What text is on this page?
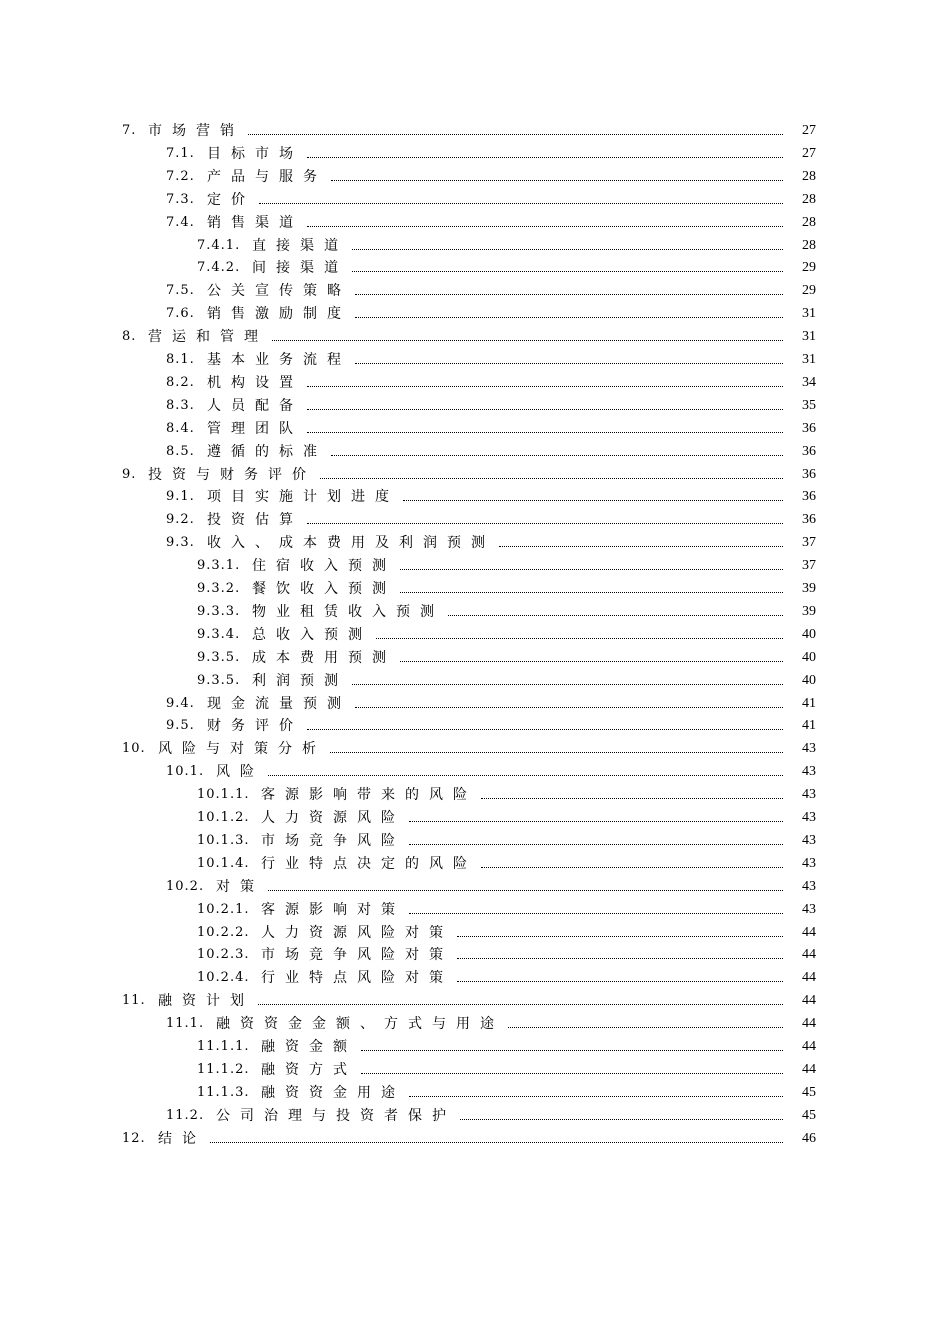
7. 市场营销	27
7.1. 目标市场	27
7.2. 产品与服务	28
7.3. 定价	28
7.4. 销售渠道	28
7.4.1. 直接渠道	28
7.4.2. 间接渠道	29
7.5. 公关宣传策略	29
7.6. 销售激励制度	31
8. 营运和管理	31
8.1. 基本业务流程	31
8.2. 机构设置	34
8.3. 人员配备	35
8.4. 管理团队	36
8.5. 遵循的标准	36
9. 投资与财务评价	36
9.1. 项目实施计划进度	36
9.2. 投资估算	36
9.3. 收入、成本费用及利润预测	37
9.3.1. 住宿收入预测	37
9.3.2. 餐饮收入预测	39
9.3.3. 物业租赁收入预测	39
9.3.4. 总收入预测	40
9.3.5. 成本费用预测	40
9.3.5. 利润预测	40
9.4. 现金流量预测	41
9.5. 财务评价	41
10. 风险与对策分析	43
10.1. 风险	43
10.1.1. 客源影响带来的风险	43
10.1.2. 人力资源风险	43
10.1.3. 市场竞争风险	43
10.1.4. 行业特点决定的风险	43
10.2. 对策	43
10.2.1. 客源影响对策	43
10.2.2. 人力资源风险对策	44
10.2.3. 市场竞争风险对策	44
10.2.4. 行业特点风险对策	44
11. 融资计划	44
11.1. 融资资金金额、方式与用途	44
11.1.1. 融资金额	44
11.1.2. 融资方式	44
11.1.3. 融资资金用途	45
11.2. 公司治理与投资者保护	45
12. 结论	46
